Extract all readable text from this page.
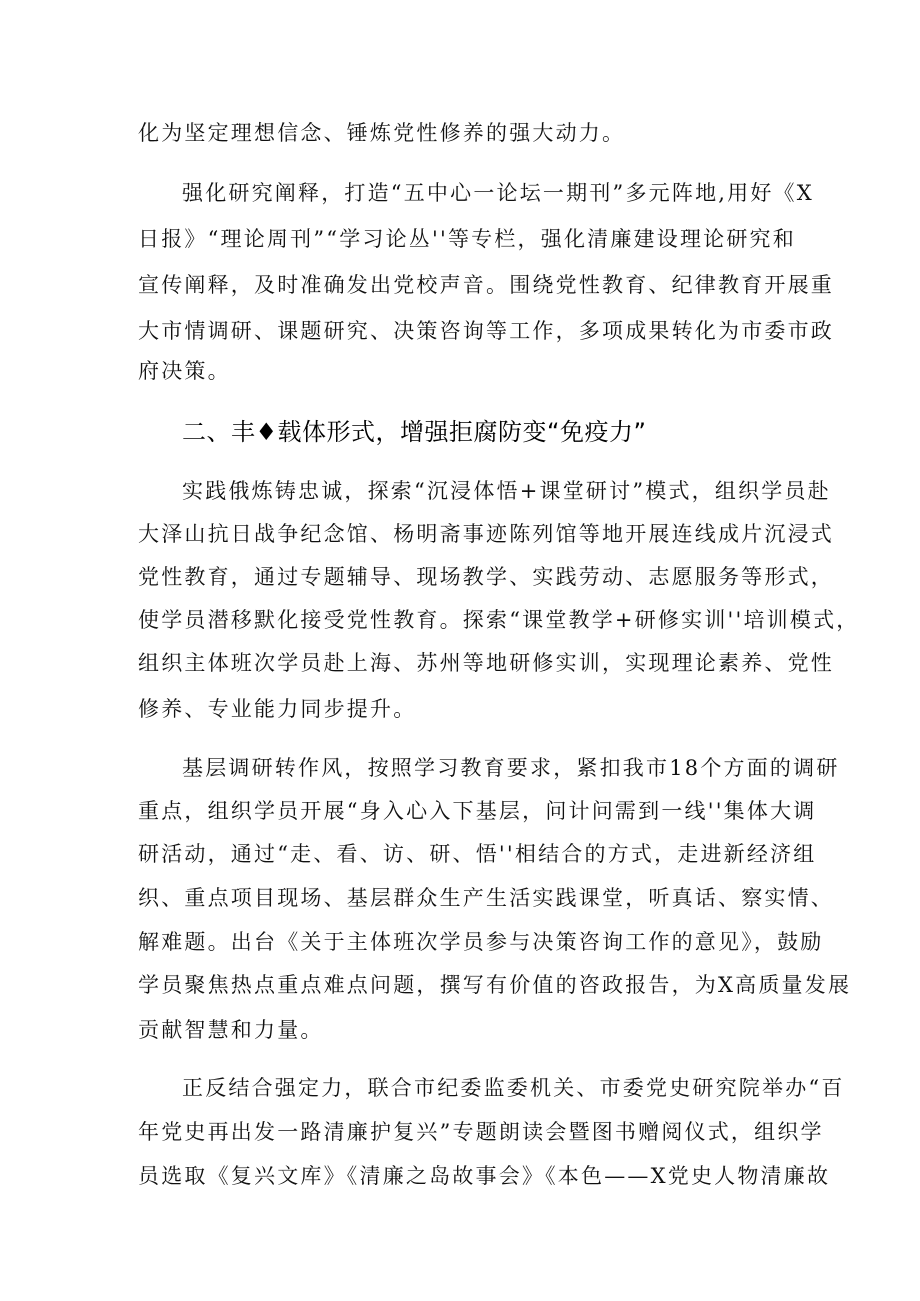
化为坚定理想信念、锤炼党性修养的强大动力。
强化研究阐释，打造“五中心一论坛一期刊”多元阵地,用好《X
日报》“理论周刊”“学习论丛''等专栏，强化清廉建设理论研究和
宣传阐释，及时准确发出党校声音。围绕党性教育、纪律教育开展重
大市情调研、课题研究、决策咨询等工作，多项成果转化为市委市政
府决策。
二、丰♦载体形式，增强拒腐防变“免疫力”
实践俄炼铸忠诚，探索“沉浸体悟+课堂研讨”模式，组织学员赴
大泽山抗日战争纪念馆、杨明斋事迹陈列馆等地开展连线成片沉浸式
党性教育，通过专题辅导、现场教学、实践劳动、志愿服务等形式，
使学员潜移默化接受党性教育。探索“课堂教学+研修实训''培训模式，
组织主体班次学员赴上海、苏州等地研修实训，实现理论素养、党性
修养、专业能力同步提升。
基层调研转作风，按照学习教育要求，紧扣我市18个方面的调研
重点，组织学员开展“身入心入下基层，问计问需到一线''集体大调
研活动，通过“走、看、访、研、悟''相结合的方式，走进新经济组
织、重点项目现场、基层群众生产生活实践课堂，听真话、察实情、
解难题。出台《关于主体班次学员参与决策咨询工作的意见》，鼓励
学员聚焦热点重点难点问题，撰写有价值的咨政报告，为X高质量发展
贡献智慧和力量。
正反结合强定力，联合市纪委监委机关、市委党史研究院举办“百
年党史再出发一路清廉护复兴”专题朗读会暨图书赠阅仪式，组织学
员选取《复兴文库》《清廉之岛故事会》《本色——X党史人物清廉故
